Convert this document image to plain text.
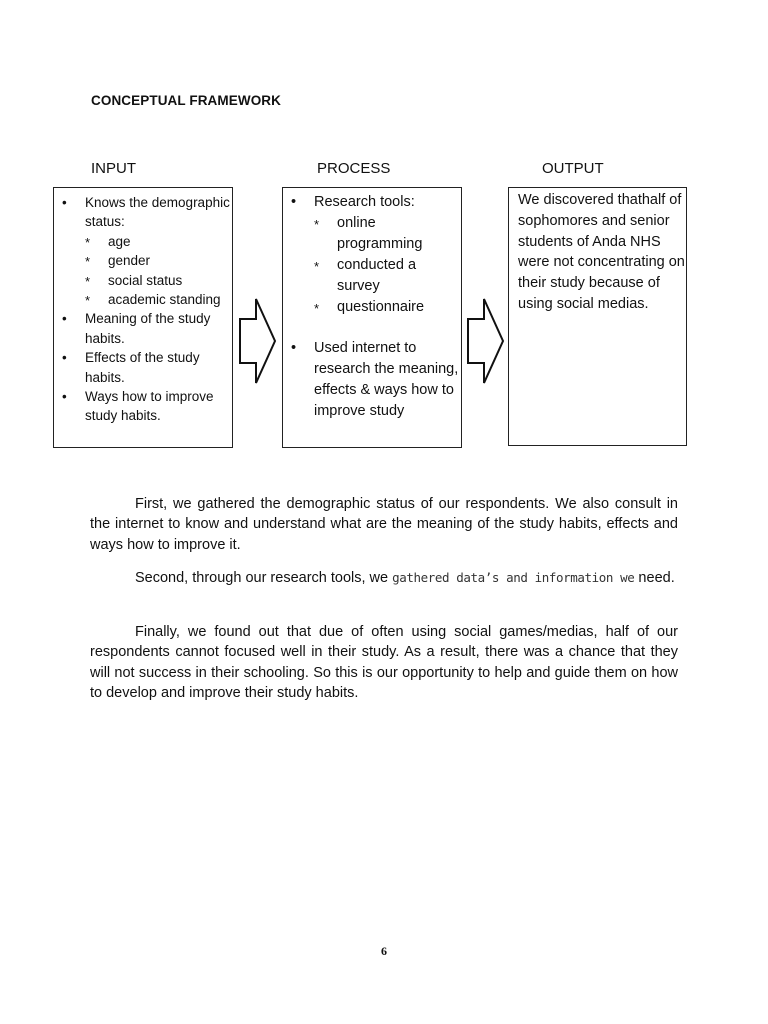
CONCEPTUAL FRAMEWORK
INPUT	PROCESS	OUTPUT
• Knows the demographic status:
* age
* gender
* social status
* academic standing
• Meaning of the study habits.
• Effects of the study habits.
• Ways how to improve study habits.
• Research tools:
* online programming
* conducted a survey
* questionnaire
• Used internet to research the meaning, effects & ways how to improve study
We discovered thathalf of sophomores and senior students of Anda NHS were not concentrating on their study because of using social medias.

First, we gathered the demographic status of our respondents. We also consult in the internet to know and understand what are the meaning of the study habits, effects and ways how to improve it.

Second, through our research tools, we gathered data’s and information we need.

Finally, we found out that due of often using social games/medias, half of our respondents cannot focused well in their study. As a result, there was a chance that they will not success in their schooling. So this is our opportunity to help and guide them on how to develop and improve their study habits.

6
